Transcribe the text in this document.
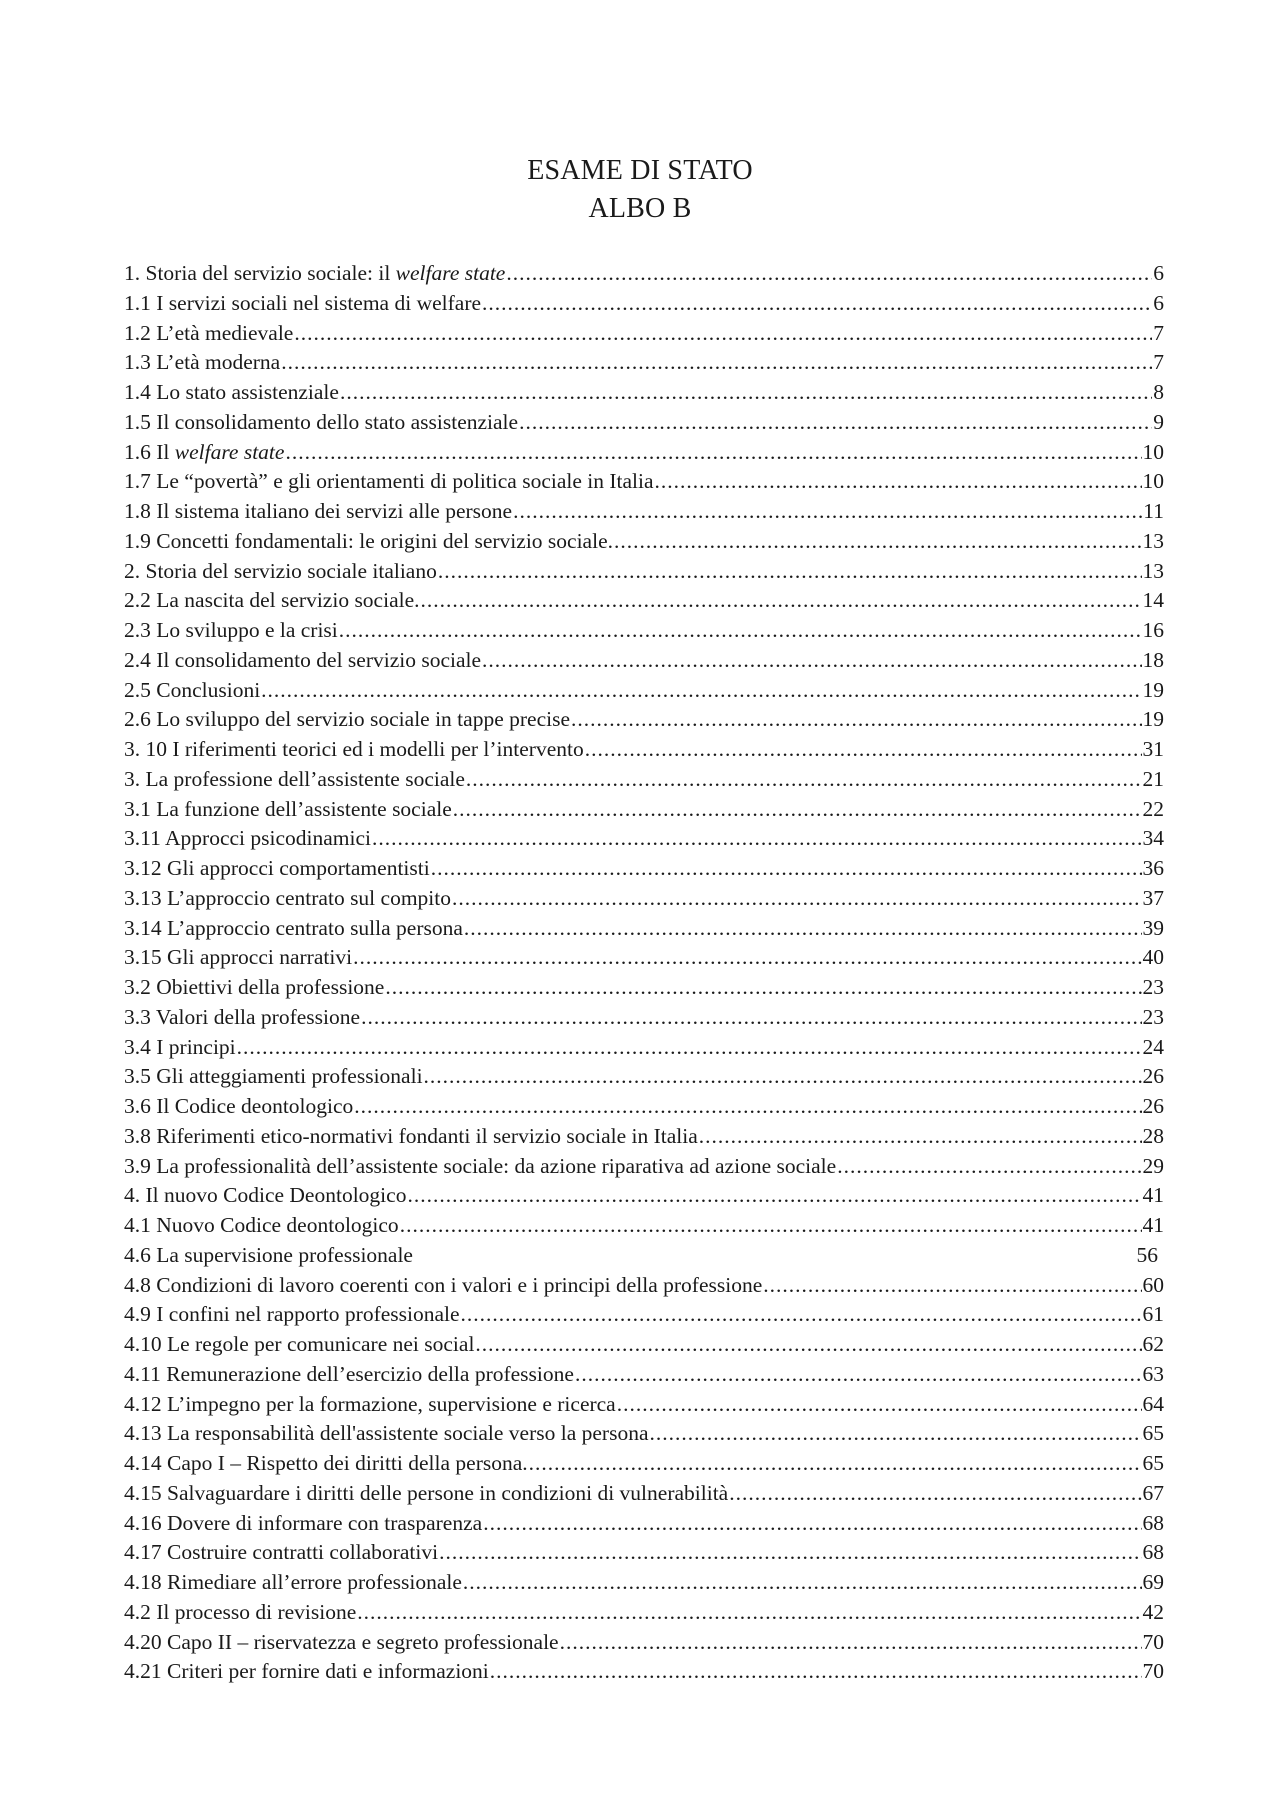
ESAME DI STATO
ALBO B
1. Storia del servizio sociale: il welfare state .....	6
1.1 I servizi sociali nel sistema di welfare .....	6
1.2 L’età medievale .....	7
1.3 L’età moderna .....	7
1.4 Lo stato assistenziale .....	8
1.5 Il consolidamento dello stato assistenziale .....	9
1.6 Il welfare state .....	10
1.7 Le “povertà” e gli orientamenti di politica sociale in Italia .....	10
1.8 Il sistema italiano dei servizi alle persone .....	11
1.9 Concetti fondamentali: le origini del servizio sociale. .....	13
2. Storia del servizio sociale italiano .....	13
2.2 La nascita del servizio sociale. .....	14
2.3 Lo sviluppo e la crisi .....	16
2.4 Il consolidamento del servizio sociale .....	18
2.5 Conclusioni .....	19
2.6 Lo sviluppo del servizio sociale in tappe precise .....	19
3. 10 I riferimenti teorici ed i modelli per l’intervento .....	31
3. La professione dell’assistente sociale .....	21
3.1 La funzione dell’assistente sociale .....	22
3.11 Approcci psicodinamici .....	34
3.12 Gli approcci comportamentisti .....	36
3.13 L’approccio centrato sul compito .....	37
3.14 L’approccio centrato sulla persona .....	39
3.15 Gli approcci narrativi .....	40
3.2 Obiettivi della professione .....	23
3.3 Valori della professione .....	23
3.4 I principi .....	24
3.5 Gli atteggiamenti professionali .....	26
3.6 Il Codice deontologico .....	26
3.8 Riferimenti etico-normativi fondanti il servizio sociale in Italia .....	28
3.9 La professionalità dell’assistente sociale: da azione riparativa ad azione sociale .....	29
4. Il nuovo Codice Deontologico .....	41
4.1 Nuovo Codice deontologico .....	41
4.6 La supervisione professionale	56
4.8 Condizioni di lavoro coerenti con i valori e i principi della professione .....	60
4.9 I confini nel rapporto professionale .....	61
4.10 Le regole per comunicare nei social .....	62
4.11 Remunerazione dell’esercizio della professione .....	63
4.12 L’impegno per la formazione, supervisione e ricerca .....	64
4.13 La responsabilità dell'assistente sociale verso la persona .....	65
4.14 Capo I – Rispetto dei diritti della persona. .....	65
4.15 Salvaguardare i diritti delle persone in condizioni di vulnerabilità .....	67
4.16 Dovere di informare con trasparenza .....	68
4.17 Costruire contratti collaborativi .....	68
4.18 Rimediare all’errore professionale .....	69
4.2 Il processo di revisione .....	42
4.20 Capo II – riservatezza e segreto professionale .....	70
4.21 Criteri per fornire dati e informazioni .....	70
